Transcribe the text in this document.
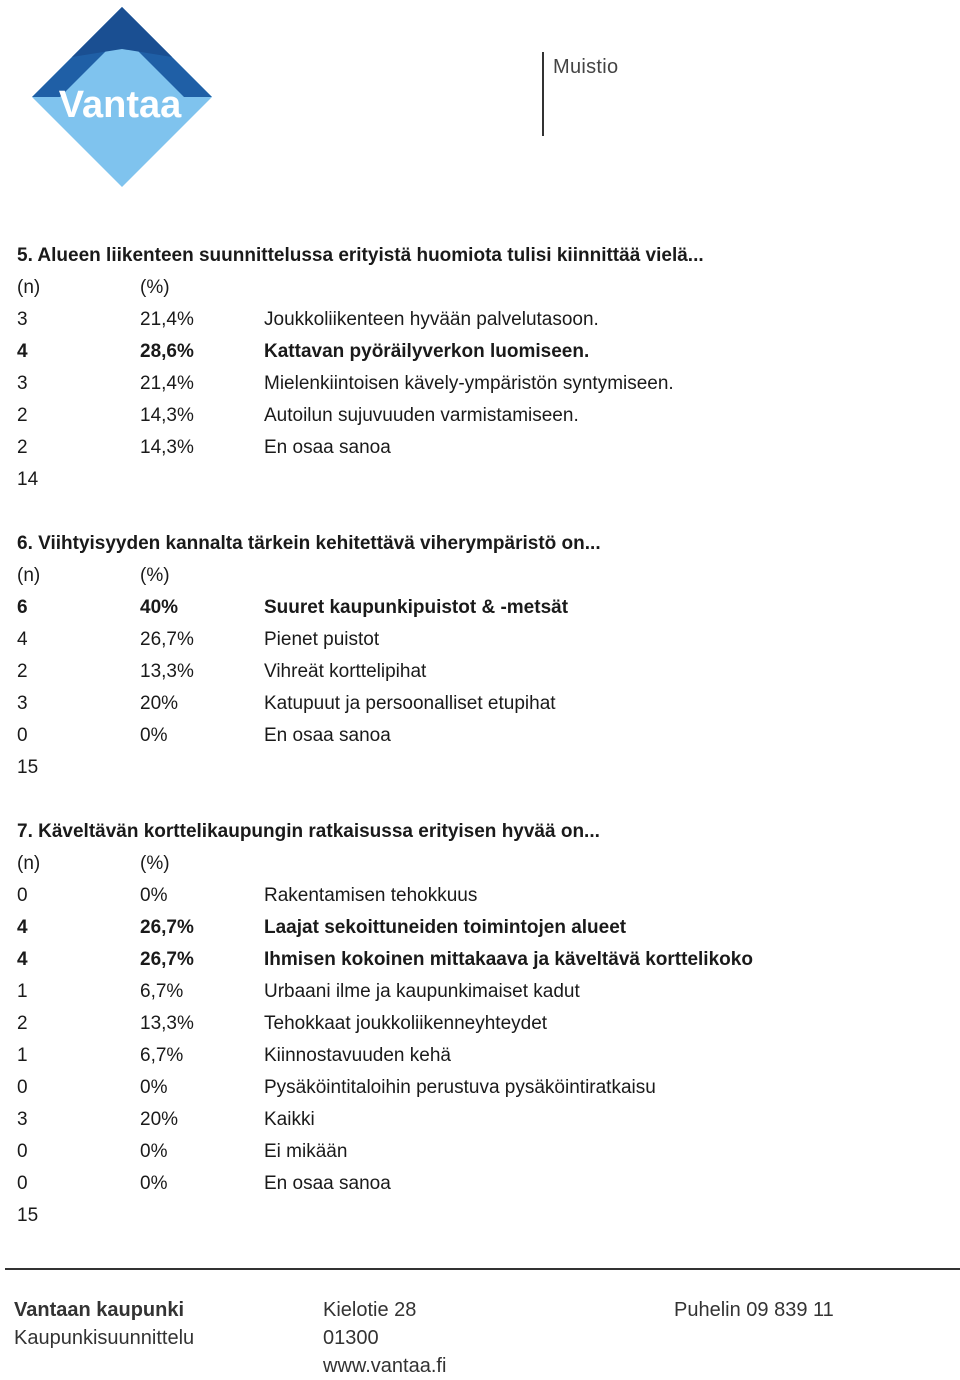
Vantaa
Muistio
5. Alueen liikenteen suunnittelussa erityistä huomiota tulisi kiinnittää vielä...
(n)	(%)
3	21,4%	Joukkoliikenteen hyvään palvelutasoon.
4	28,6%	Kattavan pyöräilyverkon luomiseen.
3	21,4%	Mielenkiintoisen kävely-ympäristön syntymiseen.
2	14,3%	Autoilun sujuvuuden varmistamiseen.
2	14,3%	En osaa sanoa
14
6. Viihtyisyyden kannalta tärkein kehitettävä viherympäristö on...
(n)	(%)
6	40%	Suuret kaupunkipuistot & -metsät
4	26,7%	Pienet puistot
2	13,3%	Vihreät korttelipihat
3	20%	Katupuut ja persoonalliset etupihat
0	0%	En osaa sanoa
15
7. Käveltävän korttelikaupungin ratkaisussa erityisen hyvää on...
(n)	(%)
0	0%	Rakentamisen tehokkuus
4	26,7%	Laajat sekoittuneiden toimintojen alueet
4	26,7%	Ihmisen kokoinen mittakaava ja käveltävä korttelikoko
1	6,7%	Urbaani ilme ja kaupunkimaiset kadut
2	13,3%	Tehokkaat joukkoliikenneyhteydet
1	6,7%	Kiinnostavuuden kehä
0	0%	Pysäköintitaloihin perustuva pysäköintiratkaisu
3	20%	Kaikki
0	0%	Ei mikään
0	0%	En osaa sanoa
15
Vantaan kaupunki
Kaupunkisuunnittelu
Kielotie 28
01300
www.vantaa.fi
Puhelin 09 839 11
